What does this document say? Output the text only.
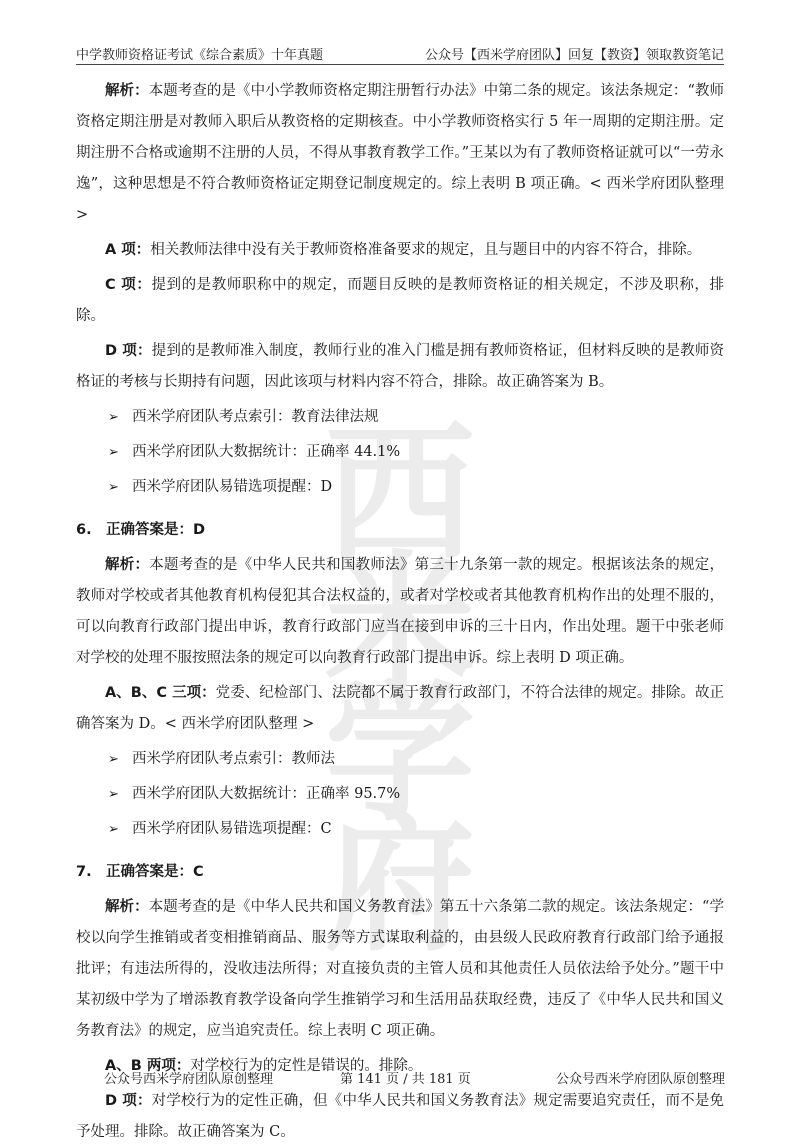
西米
学府
中学教师资格证考试《综合素质》十年真题	公众号【西米学府团队】回复【教资】领取教资笔记

解析：本题考查的是《中小学教师资格定期注册暂行办法》中第二条的规定。该法条规定：“教师资格定期注册是对教师入职后从教资格的定期核查。中小学教师资格实行 5 年一周期的定期注册。定期注册不合格或逾期不注册的人员，不得从事教育教学工作。”王某以为有了教师资格证就可以“一劳永逸”，这种思想是不符合教师资格证定期登记制度规定的。综上表明 B 项正确。< 西米学府团队整理 >

A 项：相关教师法律中没有关于教师资格准备要求的规定，且与题目中的内容不符合，排除。

C 项：提到的是教师职称中的规定，而题目反映的是教师资格证的相关规定，不涉及职称，排除。

D 项：提到的是教师准入制度，教师行业的准入门槛是拥有教师资格证，但材料反映的是教师资格证的考核与长期持有问题，因此该项与材料内容不符合，排除。故正确答案为 B。

➢ 西米学府团队考点索引：教育法律法规
➢ 西米学府团队大数据统计：正确率 44.1%
➢ 西米学府团队易错选项提醒：D
6. 正确答案是：D

解析：本题考查的是《中华人民共和国教师法》第三十九条第一款的规定。根据该法条的规定，教师对学校或者其他教育机构侵犯其合法权益的，或者对学校或者其他教育机构作出的处理不服的，可以向教育行政部门提出申诉，教育行政部门应当在接到申诉的三十日内，作出处理。题干中张老师对学校的处理不服按照法条的规定可以向教育行政部门提出申诉。综上表明 D 项正确。

A、B、C 三项：党委、纪检部门、法院都不属于教育行政部门，不符合法律的规定。排除。故正确答案为 D。< 西米学府团队整理 >

➢ 西米学府团队考点索引：教师法
➢ 西米学府团队大数据统计：正确率 95.7%
➢ 西米学府团队易错选项提醒：C
7. 正确答案是：C

解析：本题考查的是《中华人民共和国义务教育法》第五十六条第二款的规定。该法条规定：“学校以向学生推销或者变相推销商品、服务等方式谋取利益的，由县级人民政府教育行政部门给予通报批评；有违法所得的，没收违法所得；对直接负责的主管人员和其他责任人员依法给予处分。”题干中某初级中学为了增添教育教学设备向学生推销学习和生活用品获取经费，违反了《中华人民共和国义务教育法》的规定，应当追究责任。综上表明 C 项正确。

A、B 两项：对学校行为的定性是错误的。排除。

D 项：对学校行为的定性正确，但《中华人民共和国义务教育法》规定需要追究责任，而不是免予处理。排除。故正确答案为 C。

公众号西米学府团队原创整理	第 141 页 / 共 181 页	公众号西米学府团队原创整理
